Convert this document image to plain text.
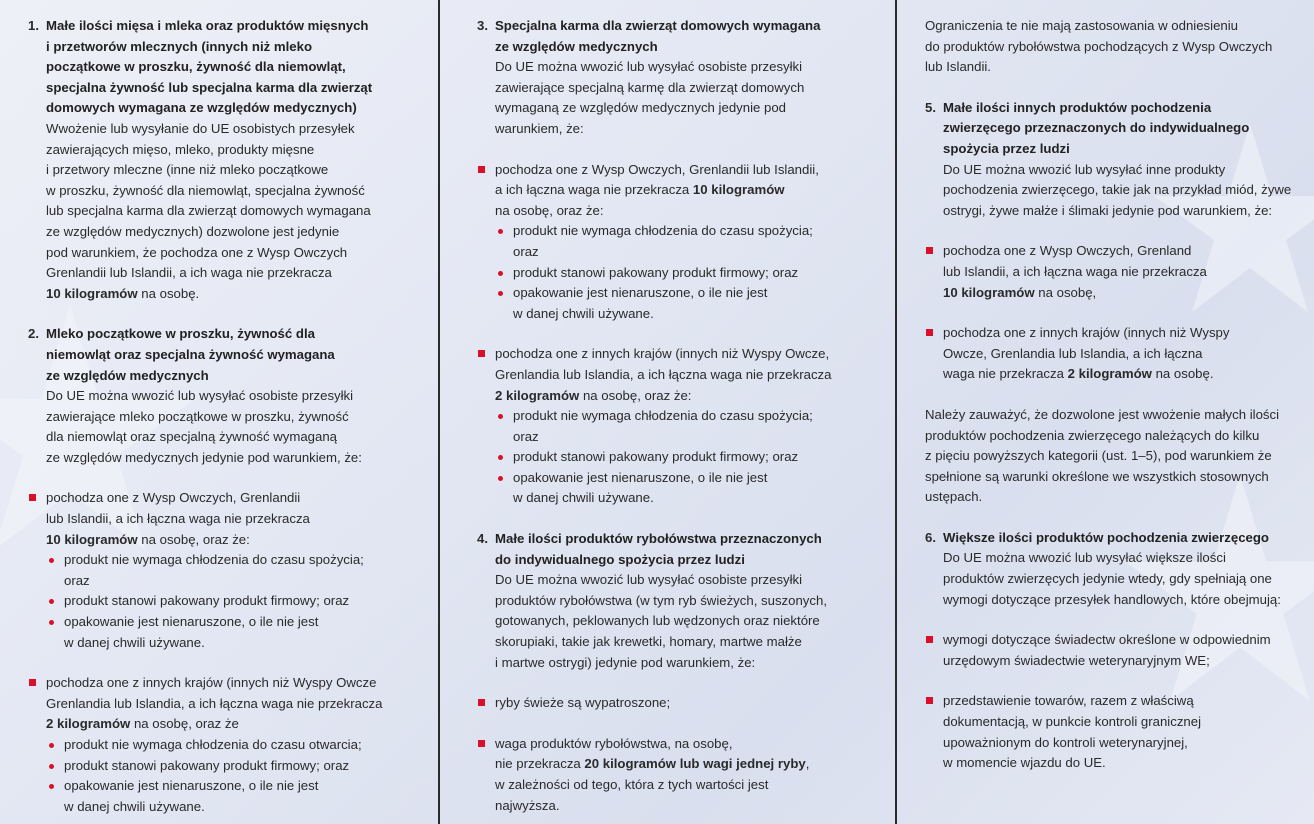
1. Małe ilości mięsa i mleka oraz produktów mięsnych
i przetworów mlecznych (innych niż mleko
początkowe w proszku, żywność dla niemowląt,
specjalna żywność lub specjalna karma dla zwierząt
domowych wymagana ze względów medycznych)
Wwożenie lub wysyłanie do UE osobistych przesyłek
zawierających mięso, mleko, produkty mięsne
i przetwory mleczne (inne niż mleko początkowe
w proszku, żywność dla niemowląt, specjalna żywność
lub specjalna karma dla zwierząt domowych wymagana
ze względów medycznych) dozwolone jest jedynie
pod warunkiem, że pochodza one z Wysp Owczych
Grenlandii lub Islandii, a ich waga nie przekracza
10 kilogramów na osobę.
2. Mleko początkowe w proszku, żywność dla
niemowląt oraz specjalna żywność wymagana
ze względów medycznych
Do UE można wwozić lub wysyłać osobiste przesyłki
zawierające mleko początkowe w proszku, żywność
dla niemowląt oraz specjalną żywność wymaganą
ze względów medycznych jedynie pod warunkiem, że:
pochodza one z Wysp Owczych, Grenlandii
lub Islandii, a ich łączna waga nie przekracza
10 kilogramów na osobę, oraz że:
produkt nie wymaga chłodzenia do czasu spożycia;
oraz
produkt stanowi pakowany produkt firmowy; oraz
opakowanie jest nienaruszone, o ile nie jest
w danej chwili używane.
pochodza one z innych krajów (innych niż Wyspy Owcze
Grenlandia lub Islandia, a ich łączna waga nie przekracza
2 kilogramów na osobę, oraz że
produkt nie wymaga chłodzenia do czasu otwarcia;
produkt stanowi pakowany produkt firmowy; oraz
opakowanie jest nienaruszone, o ile nie jest
w danej chwili używane.
3. Specjalna karma dla zwierząt domowych wymagana
ze względów medycznych
Do UE można wwozić lub wysyłać osobiste przesyłki
zawierające specjalną karmę dla zwierząt domowych
wymaganą ze względów medycznych jedynie pod
warunkiem, że:
pochodza one z Wysp Owczych, Grenlandii lub Islandii,
a ich łączna waga nie przekracza 10 kilogramów
na osobę, oraz że:
produkt nie wymaga chłodzenia do czasu spożycia;
oraz
produkt stanowi pakowany produkt firmowy; oraz
opakowanie jest nienaruszone, o ile nie jest
w danej chwili używane.
pochodza one z innych krajów (innych niż Wyspy Owcze,
Grenlandia lub Islandia, a ich łączna waga nie przekracza
2 kilogramów na osobę, oraz że:
produkt nie wymaga chłodzenia do czasu spożycia;
oraz
produkt stanowi pakowany produkt firmowy; oraz
opakowanie jest nienaruszone, o ile nie jest
w danej chwili używane.
4. Małe ilości produktów rybołówstwa przeznaczonych
do indywidualnego spożycia przez ludzi
Do UE można wwozić lub wysyłać osobiste przesyłki
produktów rybołówstwa (w tym ryb świeżych, suszonych,
gotowanych, peklowanych lub wędzonych oraz niektóre
skorupiaki, takie jak krewetki, homary, martwe małże
i martwe ostrygi) jedynie pod warunkiem, że:
ryby świeże są wypatroszone;
waga produktów rybołówstwa, na osobę,
nie przekracza 20 kilogramów lub wagi jednej ryby,
w zależności od tego, która z tych wartości jest
najwyższa.
Ograniczenia te nie mają zastosowania w odniesieniu
do produktów rybołówstwa pochodzących z Wysp Owczych
lub Islandii.
5. Małe ilości innych produktów pochodzenia
zwierzęcego przeznaczonych do indywidualnego
spożycia przez ludzi
Do UE można wwozić lub wysyłać inne produkty
pochodzenia zwierzęcego, takie jak na przykład miód, żywe
ostrygi, żywe małże i ślimaki jedynie pod warunkiem, że:
pochodza one z Wysp Owczych, Grenland
lub Islandii, a ich łączna waga nie przekracza
10 kilogramów na osobę,
pochodza one z innych krajów (innych niż Wyspy
Owcze, Grenlandia lub Islandia, a ich łączna
waga nie przekracza 2 kilogramów na osobę.
Należy zauważyć, że dozwolone jest wwożenie małych ilości
produktów pochodzenia zwierzęcego należących do kilku
z pięciu powyższych kategorii (ust. 1–5), pod warunkiem że
spełnione są warunki określone we wszystkich stosownych
ustępach.
6. Większe ilości produktów pochodzenia zwierzęcego
Do UE można wwozić lub wysyłać większe ilości
produktów zwierzęcych jedynie wtedy, gdy spełniają one
wymogi dotyczące przesyłek handlowych, które obejmują:
wymogi dotyczące świadectw określone w odpowiednim
urzędowym świadectwie weterynaryjnym WE;
przedstawienie towarów, razem z właściwą
dokumentacją, w punkcie kontroli granicznej
upoważnionym do kontroli weterynaryjnej,
w momencie wjazdu do UE.
